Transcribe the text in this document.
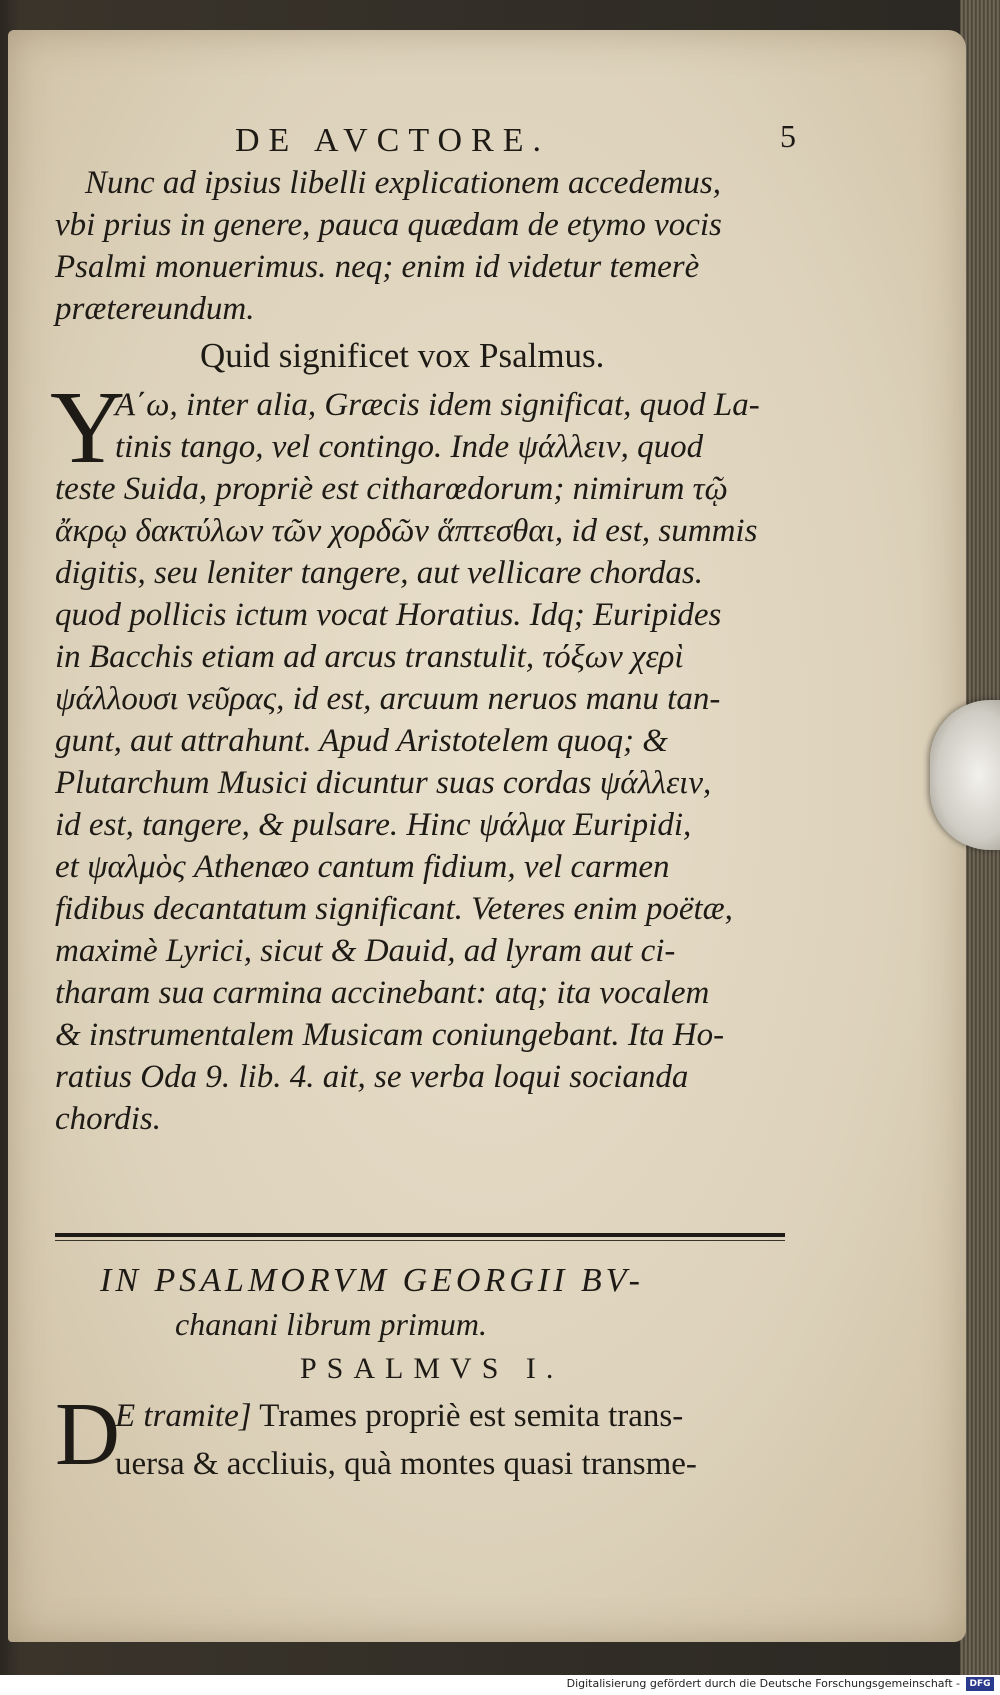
DE AVCTORE.	5
Nunc ad ipsius libelli explicationem accedemus,
vbi prius in genere, pauca quædam de etymo vocis
Psalmi monuerimus. neq; enim id videtur temerè
prætereundum.
Quid significet vox Psalmus.
Y
Α΄ω, inter alia, Græcis idem significat, quod La-
tinis tango, vel contingo. Inde ψάλλειν, quod
teste Suida, propriè est citharœdorum; nimirum τῷ
ἄκρῳ δακτύλων τῶν χορδῶν ἅπτεσθαι, id est, summis
digitis, seu leniter tangere, aut vellicare chordas.
quod pollicis ictum vocat Horatius. Idq; Euripides
in Bacchis etiam ad arcus transtulit, τόξων χερὶ
ψάλλουσι νεῦρας, id est, arcuum neruos manu tan-
gunt, aut attrahunt. Apud Aristotelem quoq; &
Plutarchum Musici dicuntur suas cordas ψάλλειν,
id est, tangere, & pulsare. Hinc ψάλμα Euripidi,
et ψαλμὸς Athenæo cantum fidium, vel carmen
fidibus decantatum significant. Veteres enim poëtæ,
maximè Lyrici, sicut & Dauid, ad lyram aut ci-
tharam sua carmina accinebant: atq; ita vocalem
& instrumentalem Musicam coniungebant. Ita Ho-
ratius Oda 9. lib. 4. ait, se verba loqui socianda
chordis.
IN PSALMORVM GEORGII BV-
chanani librum primum.
PSALMVS I.
D
E tramite] Trames propriè est semita trans-
uersa & accliuis, quà montes quasi transme-
Digitalisierung gefördert durch die Deutsche Forschungsgemeinschaft -	DFG
